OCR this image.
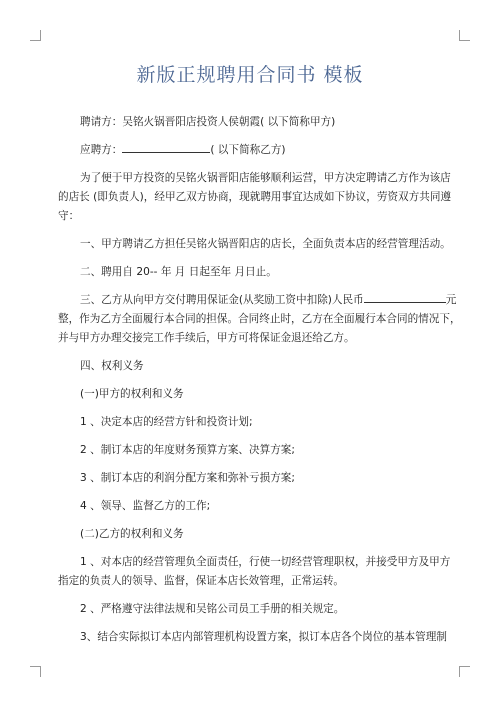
新版正规聘用合同书 模板

聘请方：吴铭火锅晋阳店投资人侯朝霞( 以下简称甲方)

应聘方：	( 以下简称乙方)

为了便于甲方投资的吴铭火锅晋阳店能够顺利运营，甲方决定聘请乙方作为该店

的店长 (即负责人)，经甲乙双方协商，现就聘用事宜达成如下协议，劳资双方共同遵

守：

一、甲方聘请乙方担任吴铭火锅晋阳店的店长，全面负责本店的经营管理活动。

二、聘用自 20-- 年 月 日起至年 月日止。

三、乙方从向甲方交付聘用保证金(从奖励工资中扣除)人民币	元

整，作为乙方全面履行本合同的担保。合同终止时，乙方在全面履行本合同的情况下，

并与甲方办理交接完工作手续后，甲方可将保证金退还给乙方。

四、权利义务

(一)甲方的权利和义务

1 、决定本店的经营方针和投资计划;

2 、制订本店的年度财务预算方案、决算方案;

3 、制订本店的利润分配方案和弥补亏损方案;

4 、领导、监督乙方的工作;

(二)乙方的权利和义务

1 、对本店的经营管理负全面责任，行使一切经营管理职权，并接受甲方及甲方

指定的负责人的领导、监督，保证本店长效管理，正常运转。

2 、严格遵守法律法规和吴铭公司员工手册的相关规定。

3、结合实际拟订本店内部管理机构设置方案，拟订本店各个岗位的基本管理制
